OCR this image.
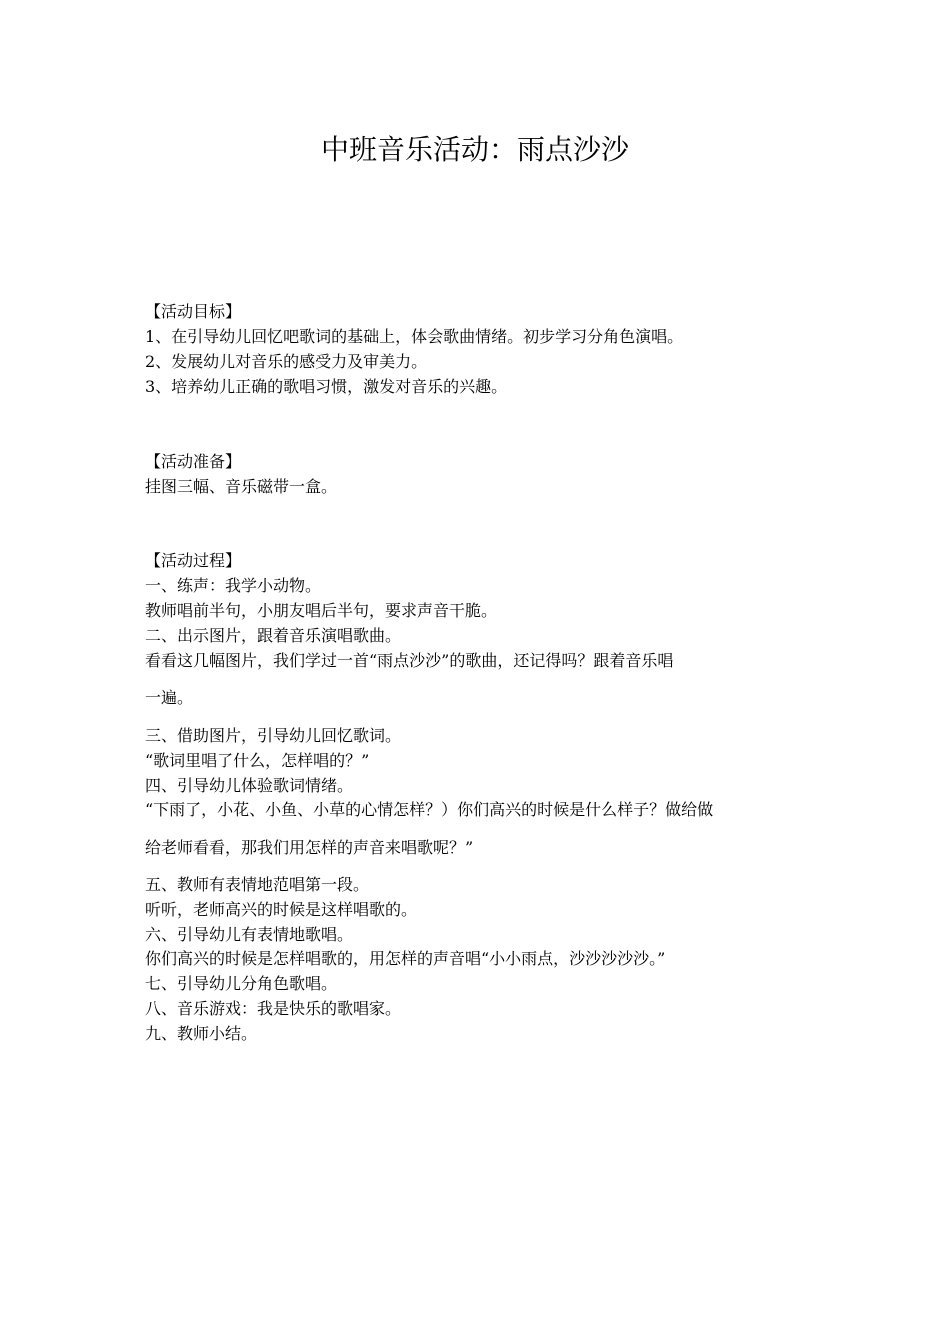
中班音乐活动：雨点沙沙

【活动目标】

1、在引导幼儿回忆吧歌词的基础上，体会歌曲情绪。初步学习分角色演唱。

2、发展幼儿对音乐的感受力及审美力。

3、培养幼儿正确的歌唱习惯，激发对音乐的兴趣。

【活动准备】

挂图三幅、音乐磁带一盒。

【活动过程】

一、练声：我学小动物。

教师唱前半句，小朋友唱后半句，要求声音干脆。

二、出示图片，跟着音乐演唱歌曲。

看看这几幅图片，我们学过一首“雨点沙沙”的歌曲，还记得吗？跟着音乐唱

一遍。

三、借助图片，引导幼儿回忆歌词。

“歌词里唱了什么，怎样唱的？”

四、引导幼儿体验歌词情绪。

“下雨了，小花、小鱼、小草的心情怎样？）你们高兴的时候是什么样子？做给做

给老师看看，那我们用怎样的声音来唱歌呢？”

五、教师有表情地范唱第一段。

听听，老师高兴的时候是这样唱歌的。

六、引导幼儿有表情地歌唱。

你们高兴的时候是怎样唱歌的，用怎样的声音唱“小小雨点，沙沙沙沙沙。”

七、引导幼儿分角色歌唱。

八、音乐游戏：我是快乐的歌唱家。

九、教师小结。
